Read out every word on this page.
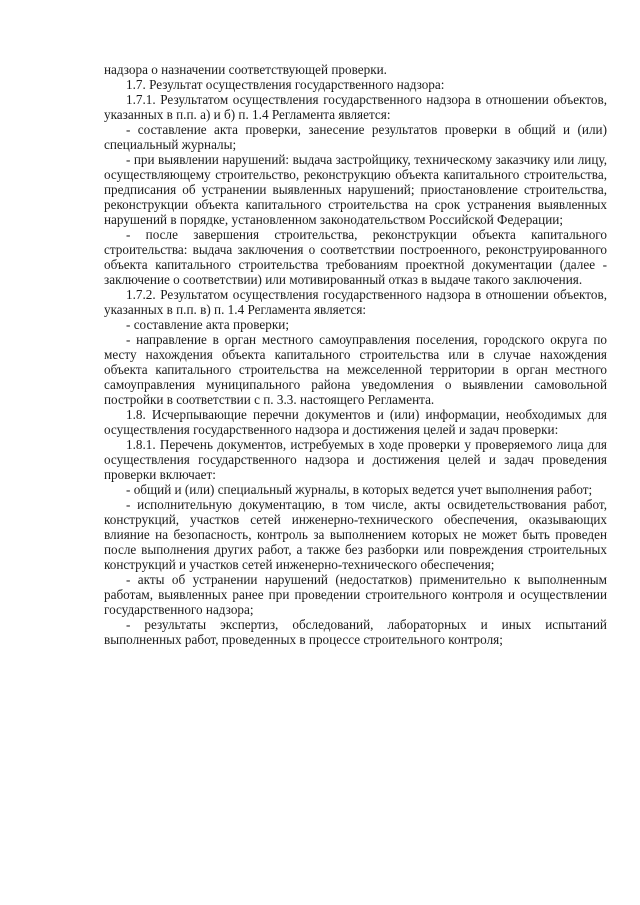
надзора о назначении соответствующей проверки.

1.7. Результат осуществления государственного надзора:

1.7.1. Результатом осуществления государственного надзора в отношении объектов, указанных в п.п. а) и б) п. 1.4 Регламента является:

- составление акта проверки, занесение результатов проверки в общий и (или) специальный журналы;

- при выявлении нарушений: выдача застройщику, техническому заказчику или лицу, осуществляющему строительство, реконструкцию объекта капитального строительства, предписания об устранении выявленных нарушений; приостановление строительства, реконструкции объекта капитального строительства на срок устранения выявленных нарушений в порядке, установленном законодательством Российской Федерации;

- после завершения строительства, реконструкции объекта капитального строительства: выдача заключения о соответствии построенного, реконструированного объекта капитального строительства требованиям проектной документации (далее - заключение о соответствии) или мотивированный отказ в выдаче такого заключения.

1.7.2. Результатом осуществления государственного надзора в отношении объектов, указанных в п.п. в) п. 1.4 Регламента является:

- составление акта проверки;

- направление в орган местного самоуправления поселения, городского округа по месту нахождения объекта капитального строительства или в случае нахождения объекта капитального строительства на межселенной территории в орган местного самоуправления муниципального района уведомления о выявлении самовольной постройки в соответствии с п. 3.3. настоящего Регламента.

1.8. Исчерпывающие перечни документов и (или) информации, необходимых для осуществления государственного надзора и достижения целей и задач проверки:

1.8.1. Перечень документов, истребуемых в ходе проверки у проверяемого лица для осуществления государственного надзора и достижения целей и задач проведения проверки включает:

- общий и (или) специальный журналы, в которых ведется учет выполнения работ;

- исполнительную документацию, в том числе, акты освидетельствования работ, конструкций, участков сетей инженерно-технического обеспечения, оказывающих влияние на безопасность, контроль за выполнением которых не может быть проведен после выполнения других работ, а также без разборки или повреждения строительных конструкций и участков сетей инженерно-технического обеспечения;

- акты об устранении нарушений (недостатков) применительно к выполненным работам, выявленных ранее при проведении строительного контроля и осуществлении государственного надзора;

- результаты экспертиз, обследований, лабораторных и иных испытаний выполненных работ, проведенных в процессе строительного контроля;
